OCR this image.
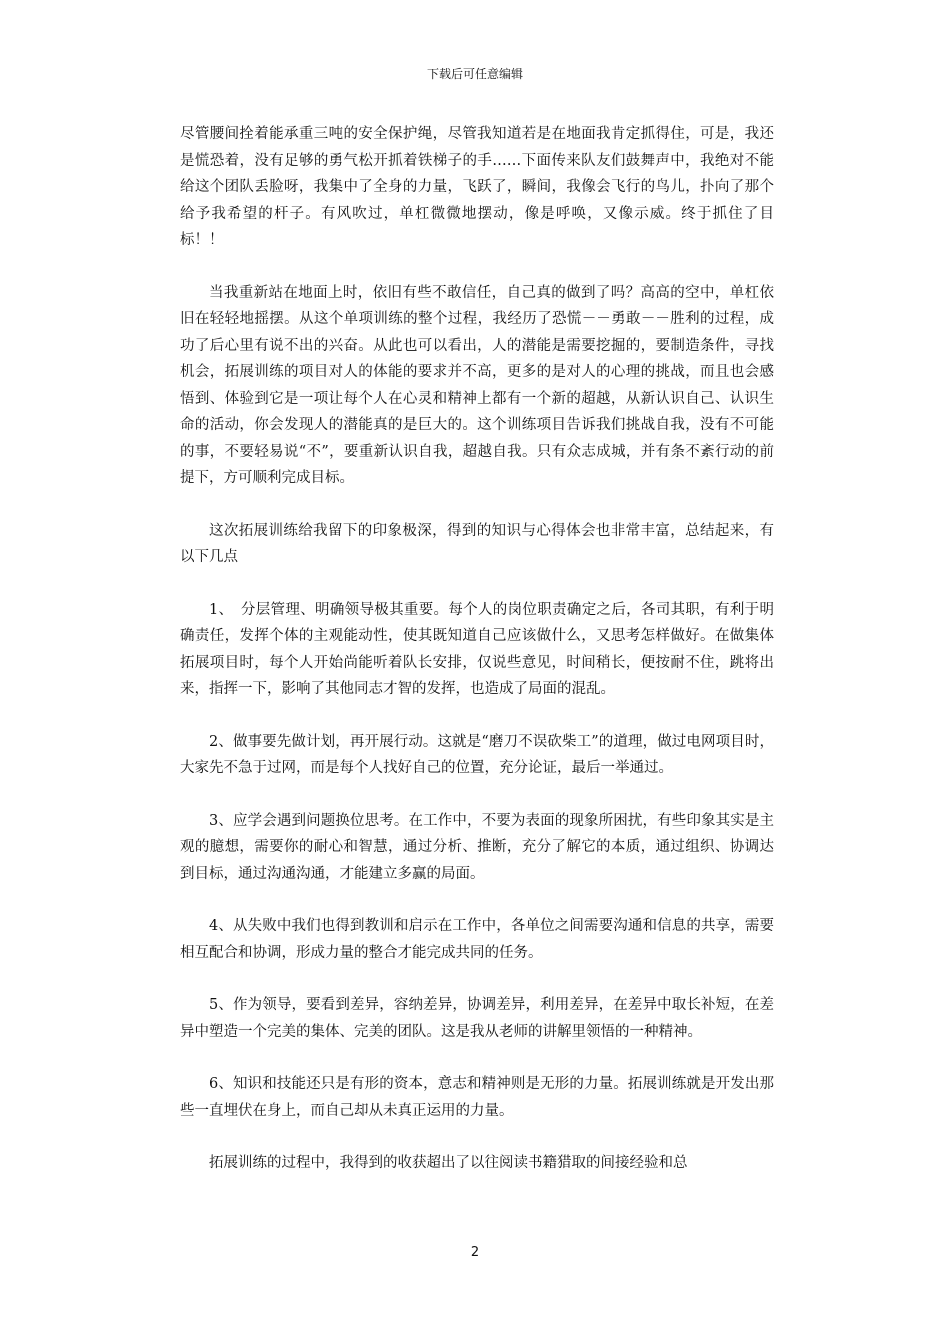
下载后可任意编辑

尽管腰间拴着能承重三吨的安全保护绳，尽管我知道若是在地面我肯定抓得住，可是，我还是慌恐着，没有足够的勇气松开抓着铁梯子的手……下面传来队友们鼓舞声中，我绝对不能给这个团队丢脸呀，我集中了全身的力量，飞跃了，瞬间，我像会飞行的鸟儿，扑向了那个给予我希望的杆子。有风吹过，单杠微微地摆动，像是呼唤，又像示威。终于抓住了目标！！

当我重新站在地面上时，依旧有些不敢信任，自己真的做到了吗？高高的空中，单杠依旧在轻轻地摇摆。从这个单项训练的整个过程，我经历了恐慌－－勇敢－－胜利的过程，成功了后心里有说不出的兴奋。从此也可以看出，人的潜能是需要挖掘的，要制造条件，寻找机会，拓展训练的项目对人的体能的要求并不高，更多的是对人的心理的挑战，而且也会感悟到、体验到它是一项让每个人在心灵和精神上都有一个新的超越，从新认识自己、认识生命的活动，你会发现人的潜能真的是巨大的。这个训练项目告诉我们挑战自我，没有不可能的事，不要轻易说“不”，要重新认识自我，超越自我。只有众志成城，并有条不紊行动的前提下，方可顺利完成目标。

这次拓展训练给我留下的印象极深，得到的知识与心得体会也非常丰富，总结起来，有以下几点

1、　分层管理、明确领导极其重要。每个人的岗位职责确定之后，各司其职，有利于明确责任，发挥个体的主观能动性，使其既知道自己应该做什么，又思考怎样做好。在做集体拓展项目时，每个人开始尚能听着队长安排，仅说些意见，时间稍长，便按耐不住，跳将出来，指挥一下，影响了其他同志才智的发挥，也造成了局面的混乱。

2、做事要先做计划，再开展行动。这就是“磨刀不误砍柴工”的道理，做过电网项目时，大家先不急于过网，而是每个人找好自己的位置，充分论证，最后一举通过。

3、应学会遇到问题换位思考。在工作中，不要为表面的现象所困扰，有些印象其实是主观的臆想，需要你的耐心和智慧，通过分析、推断，充分了解它的本质，通过组织、协调达到目标，通过沟通沟通，才能建立多赢的局面。

4、从失败中我们也得到教训和启示在工作中，各单位之间需要沟通和信息的共享，需要相互配合和协调，形成力量的整合才能完成共同的任务。

5、作为领导，要看到差异，容纳差异，协调差异，利用差异，在差异中取长补短，在差异中塑造一个完美的集体、完美的团队。这是我从老师的讲解里领悟的一种精神。

6、知识和技能还只是有形的资本，意志和精神则是无形的力量。拓展训练就是开发出那些一直埋伏在身上，而自己却从未真正运用的力量。

拓展训练的过程中，我得到的收获超出了以往阅读书籍猎取的间接经验和总

2
